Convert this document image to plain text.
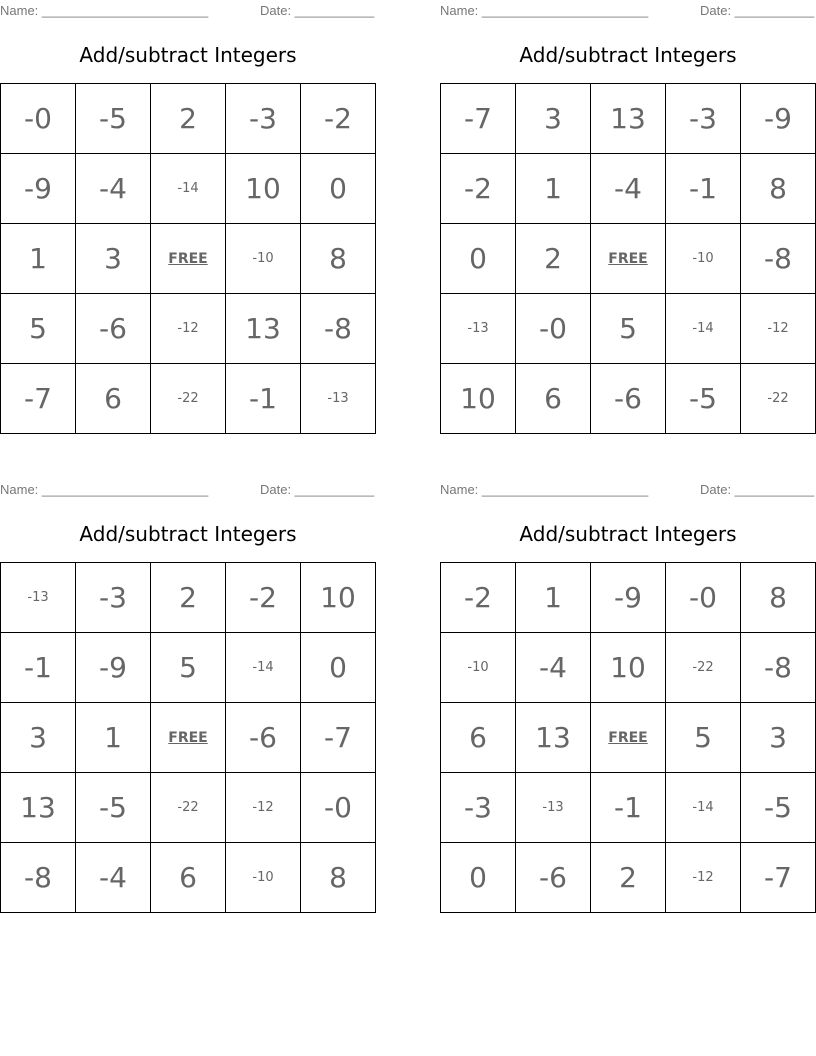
Name: _______________________	Date: ___________
Add/subtract Integers
-0	-5	2	-3	-2
-9	-4	-14	10	0
1	3	FREE	-10	8
5	-6	-12	13	-8
-7	6	-22	-1	-13
Name: _______________________	Date: ___________
Add/subtract Integers
-7	3	13	-3	-9
-2	1	-4	-1	8
0	2	FREE	-10	-8
-13	-0	5	-14	-12
10	6	-6	-5	-22
Name: _______________________	Date: ___________
Add/subtract Integers
-13	-3	2	-2	10
-1	-9	5	-14	0
3	1	FREE	-6	-7
13	-5	-22	-12	-0
-8	-4	6	-10	8
Name: _______________________	Date: ___________
Add/subtract Integers
-2	1	-9	-0	8
-10	-4	10	-22	-8
6	13	FREE	5	3
-3	-13	-1	-14	-5
0	-6	2	-12	-7
